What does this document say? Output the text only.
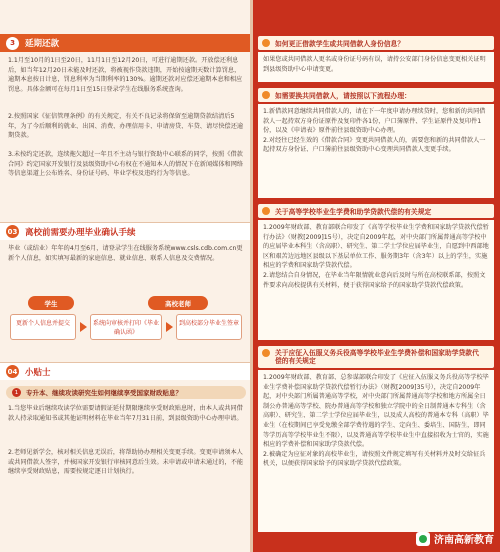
3	延期还款
1.1月至10月的1日至20日，11月1日至12月20日，可进行逾期还款。开放偿还利息后，如当年12月20日未能及时还款，将被视作贷款违期，开始按逾期天数计算罚息，逾期本息按日计息，罚息利率为当期利率的130%。逾期还款对应偿还逾期本息和相应罚息。具体金额可在每月1日至15日登录学生在线服务系统查询。
2.按照国家《征信管理条例》的有关规定，有关不良记录将保留至逾期贷款结清后5年，为了今后顺利的就业、出国、消费、办理信用卡、申请房贷、车贷、请尽快偿还逾期贷款。
3.未按约定还款，连续拖欠超过一年且不主动与银行资助中心联系的同学，按照《借款合同》约定国家开发银行及县级资助中心有权在不通知本人的情况下在新闻媒体和网络等信息渠道上公布姓名、身份证号码、毕业学校及违约行为等信息。
03 离校前需要办理毕业确认手续
毕业（或结业）年年的4月至6月，请登录学生在线服务系统www.csls.cdb.com.cn更新个人信息，如实填写最新的家庭信息、就业信息、联系人信息及交费情况。
学生	高校老师
更新个人信息并提交	系统向审核并打印《毕业确认函》
到高校部分毕业生签章
04 小贴士
1	专升本、继续攻读研究生如何继续享受国家财政贴息？
1.当您毕业后继续攻读学位需要请假证延付期限继续享受财政贴息时，由本人或共同借款人持录取通知书或其他证明材料在毕业当年7月31日前，到县级资助中心办理申请。
2.老师见新学会，核对相关信息无误后，将帮助协办理相关变更手续。变更申请须本人或共同借款人签字，并核国家开发银行审核同意后生效。未申请或申请未通过的，不能继续享受财政贴息，需要按规定逐日计划执行。
如何更正借款学生或共同借款人身份信息？
如果您或共同借款人更名或身份证号码有误，请持公安部门身份信息变更相关证明到县级资助中心申请变更。
如需要换共同借款人，请按照以下流程办理：
1.新借款同意继续共同借款人的，请在下一年度申请办理续贷时，您和新的共同借款人一起持双方身份证原件及复印件各1份，户口簿原件、学生证原件及复印件1份，以及《申请表》原件前往县级资助中心办理。
2.对经往已经生效的《借款合同》变更共同借款人的，需要您和新的共同借款人一起持双方身份证、户口簿前往县级资助中心变理共同借款人变更手续。
关于高等学校毕业生学费和助学贷款代偿的有关规定
1.2009年财政部、教育部联合印发了《高等学校毕业生学费和国家助学贷款代偿暂行办法》（财教[2009]15号），决定自2009年起，对中央部门所属普通高等学校中的应届毕业本科生（含高职）、研究生、第二学士学位应届毕业生，自愿到中西部地区和艰苦边远地区县级以下基层单位工作、服务期3年（含3年）以上的学生，实施相应的学费和国家助学贷款代偿。
2.请您结合自身情况，在毕业当年限情就业意向后及时与所在高校联系部，按照文件要求向高校提供有关材料，便于获得国家给予的国家助学贷款代偿政策。
关于应征入伍服义务兵役高等学校毕业生学费补偿和国家助学贷款代偿的有关规定
1.2009年财政部、教育部、总参谋部联合印发了《应征入伍服义务兵役高等学校毕业生学费补偿国家助学贷款代偿暂行办法》（财教[2009]35号），决定自2009年起，对中央部门所属普通高等学校，对中央部门所属普通高等学校和地方所属全日制公办普通高等学校、院办普通高等学校和独立学院中的全日制普通本专科生（含高职）、研究生、第二学士学位应届毕业生，以及成人高校的普通本专科（高职）毕业生（在校期间已享受免缴全部学费待遇的学生、定向生、委培生、国防生，即同等学历高等学校毕业生不限），以及普通高等学校毕业生中直接招收为士官的，实施相应的学费补偿和国家助学贷款代偿。
2.被确定为应征对象的高校毕业生，请按照文件规定填写有关材料并及时交给征兵机关，以便获得国家给予的国家助学贷款代偿政策。
济南高新教育
